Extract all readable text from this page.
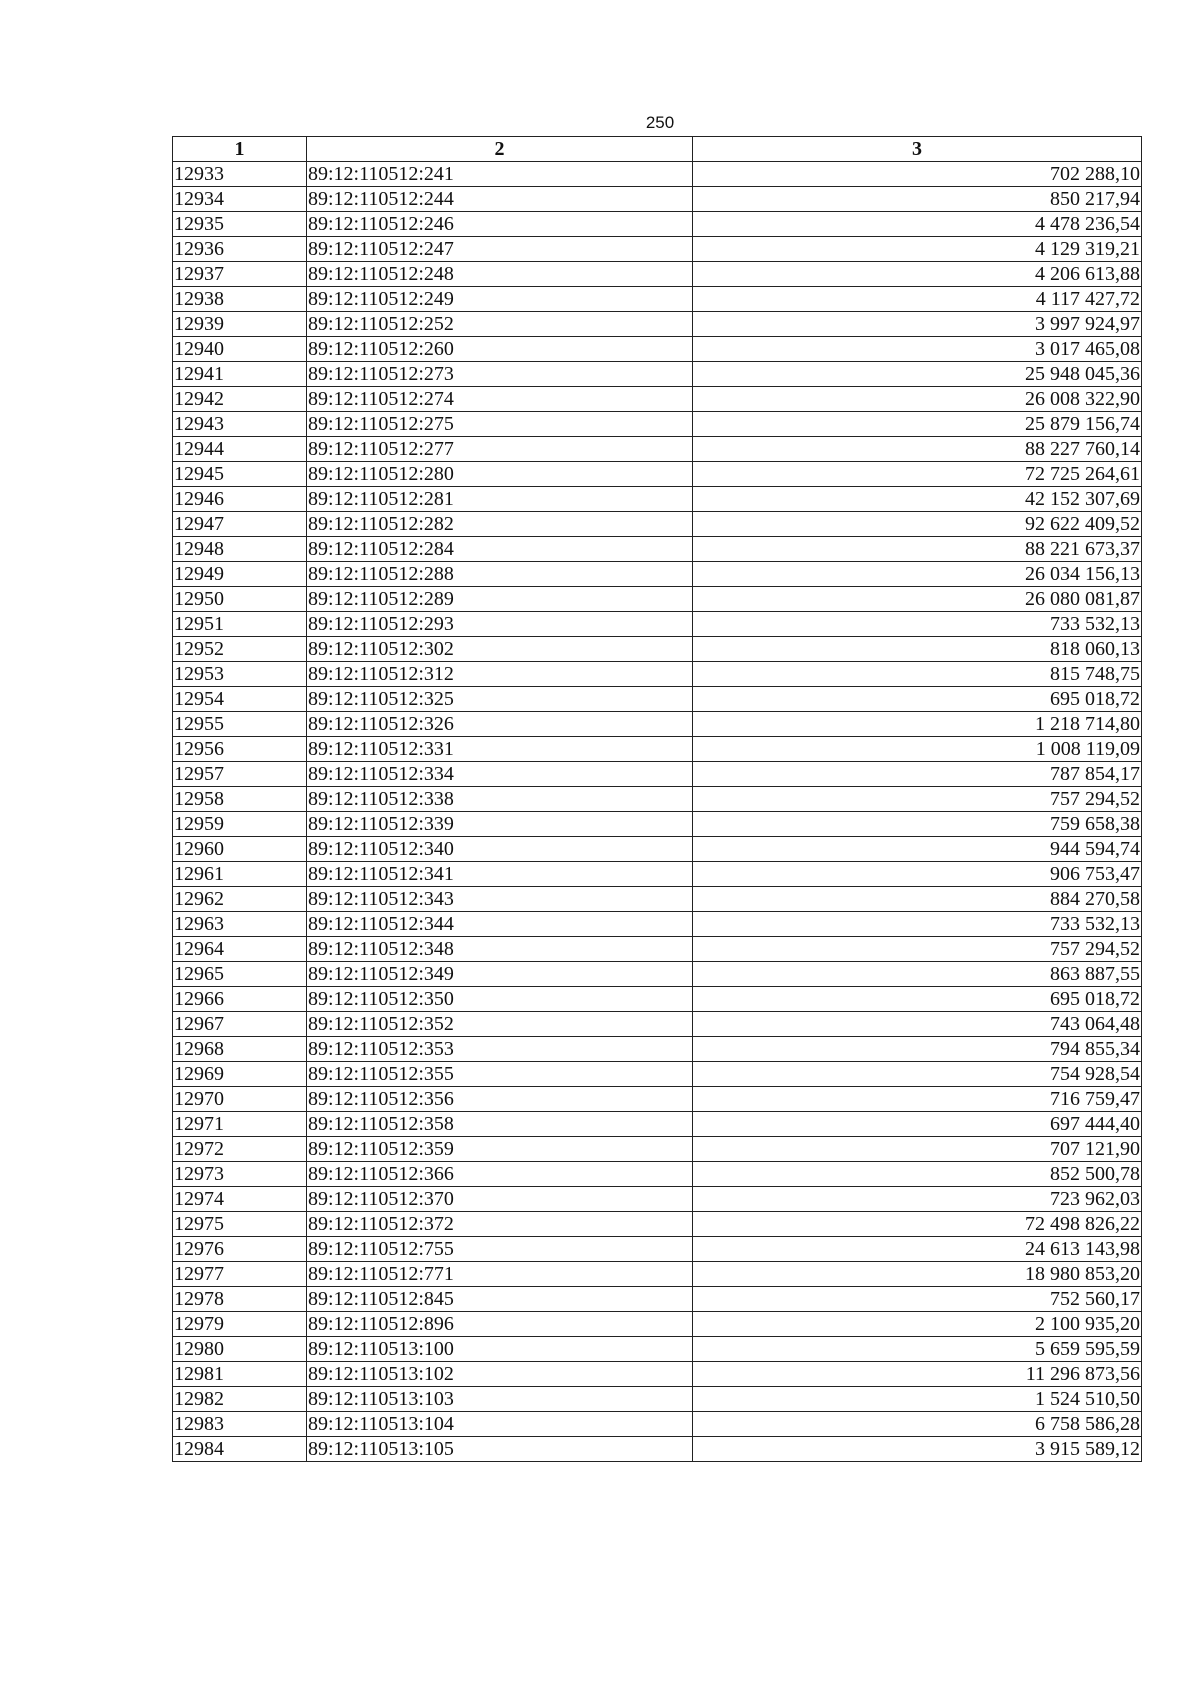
250
1	2	3
12933	89:12:110512:241	702 288,10
12934	89:12:110512:244	850 217,94
12935	89:12:110512:246	4 478 236,54
12936	89:12:110512:247	4 129 319,21
12937	89:12:110512:248	4 206 613,88
12938	89:12:110512:249	4 117 427,72
12939	89:12:110512:252	3 997 924,97
12940	89:12:110512:260	3 017 465,08
12941	89:12:110512:273	25 948 045,36
12942	89:12:110512:274	26 008 322,90
12943	89:12:110512:275	25 879 156,74
12944	89:12:110512:277	88 227 760,14
12945	89:12:110512:280	72 725 264,61
12946	89:12:110512:281	42 152 307,69
12947	89:12:110512:282	92 622 409,52
12948	89:12:110512:284	88 221 673,37
12949	89:12:110512:288	26 034 156,13
12950	89:12:110512:289	26 080 081,87
12951	89:12:110512:293	733 532,13
12952	89:12:110512:302	818 060,13
12953	89:12:110512:312	815 748,75
12954	89:12:110512:325	695 018,72
12955	89:12:110512:326	1 218 714,80
12956	89:12:110512:331	1 008 119,09
12957	89:12:110512:334	787 854,17
12958	89:12:110512:338	757 294,52
12959	89:12:110512:339	759 658,38
12960	89:12:110512:340	944 594,74
12961	89:12:110512:341	906 753,47
12962	89:12:110512:343	884 270,58
12963	89:12:110512:344	733 532,13
12964	89:12:110512:348	757 294,52
12965	89:12:110512:349	863 887,55
12966	89:12:110512:350	695 018,72
12967	89:12:110512:352	743 064,48
12968	89:12:110512:353	794 855,34
12969	89:12:110512:355	754 928,54
12970	89:12:110512:356	716 759,47
12971	89:12:110512:358	697 444,40
12972	89:12:110512:359	707 121,90
12973	89:12:110512:366	852 500,78
12974	89:12:110512:370	723 962,03
12975	89:12:110512:372	72 498 826,22
12976	89:12:110512:755	24 613 143,98
12977	89:12:110512:771	18 980 853,20
12978	89:12:110512:845	752 560,17
12979	89:12:110512:896	2 100 935,20
12980	89:12:110513:100	5 659 595,59
12981	89:12:110513:102	11 296 873,56
12982	89:12:110513:103	1 524 510,50
12983	89:12:110513:104	6 758 586,28
12984	89:12:110513:105	3 915 589,12
